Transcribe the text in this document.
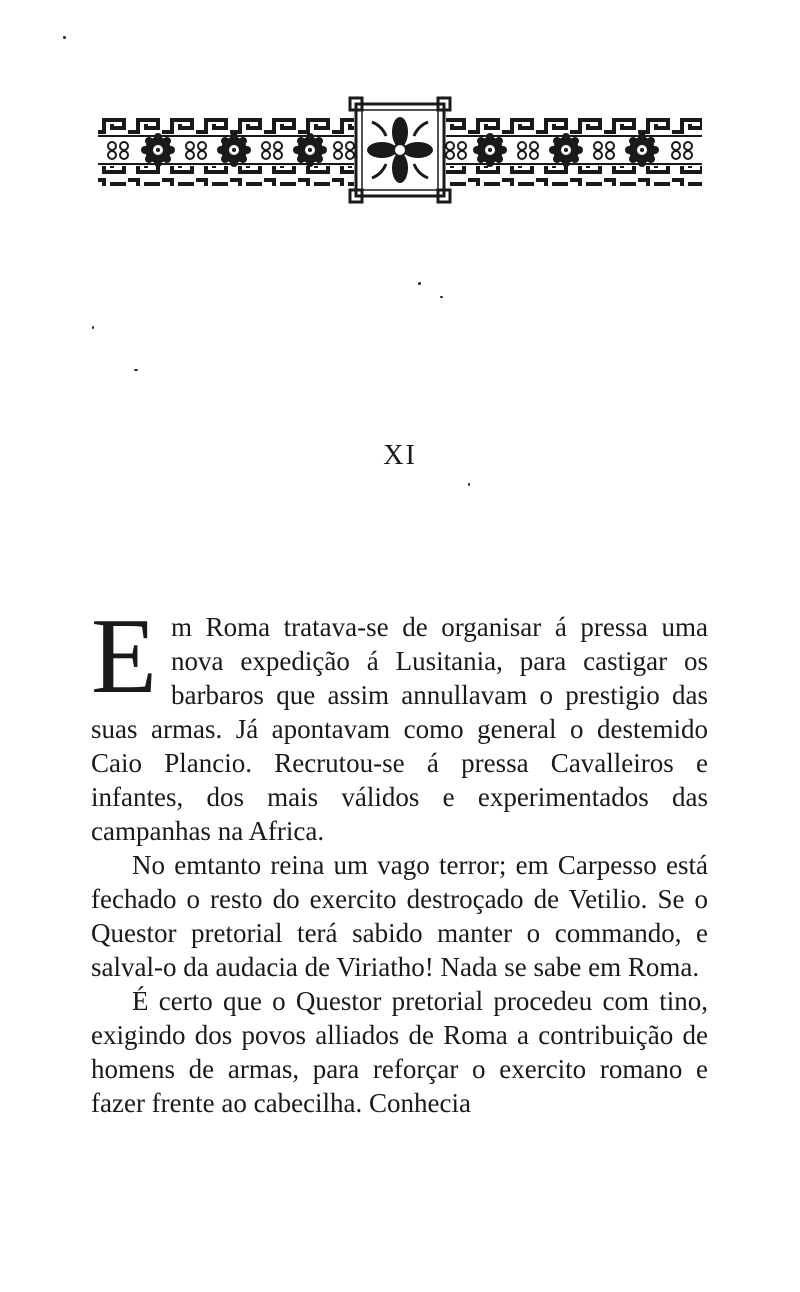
XI

Em Roma tratava-se de organisar á pressa uma nova expedição á Lusitania, para castigar os barbaros que assim annullavam o prestigio das suas armas. Já apontavam como general o destemido Caio Plancio. Recrutou-se á pressa Cavalleiros e infantes, dos mais válidos e experimentados das campanhas na Africa.

No emtanto reina um vago terror; em Carpesso está fechado o resto do exercito destroçado de Vetilio. Se o Questor pretorial terá sabido manter o commando, e salval-o da audacia de Viriatho! Nada se sabe em Roma.

É certo que o Questor pretorial procedeu com tino, exigindo dos povos alliados de Roma a contribuição de homens de armas, para reforçar o exercito romano e fazer frente ao cabecilha. Conhecia
